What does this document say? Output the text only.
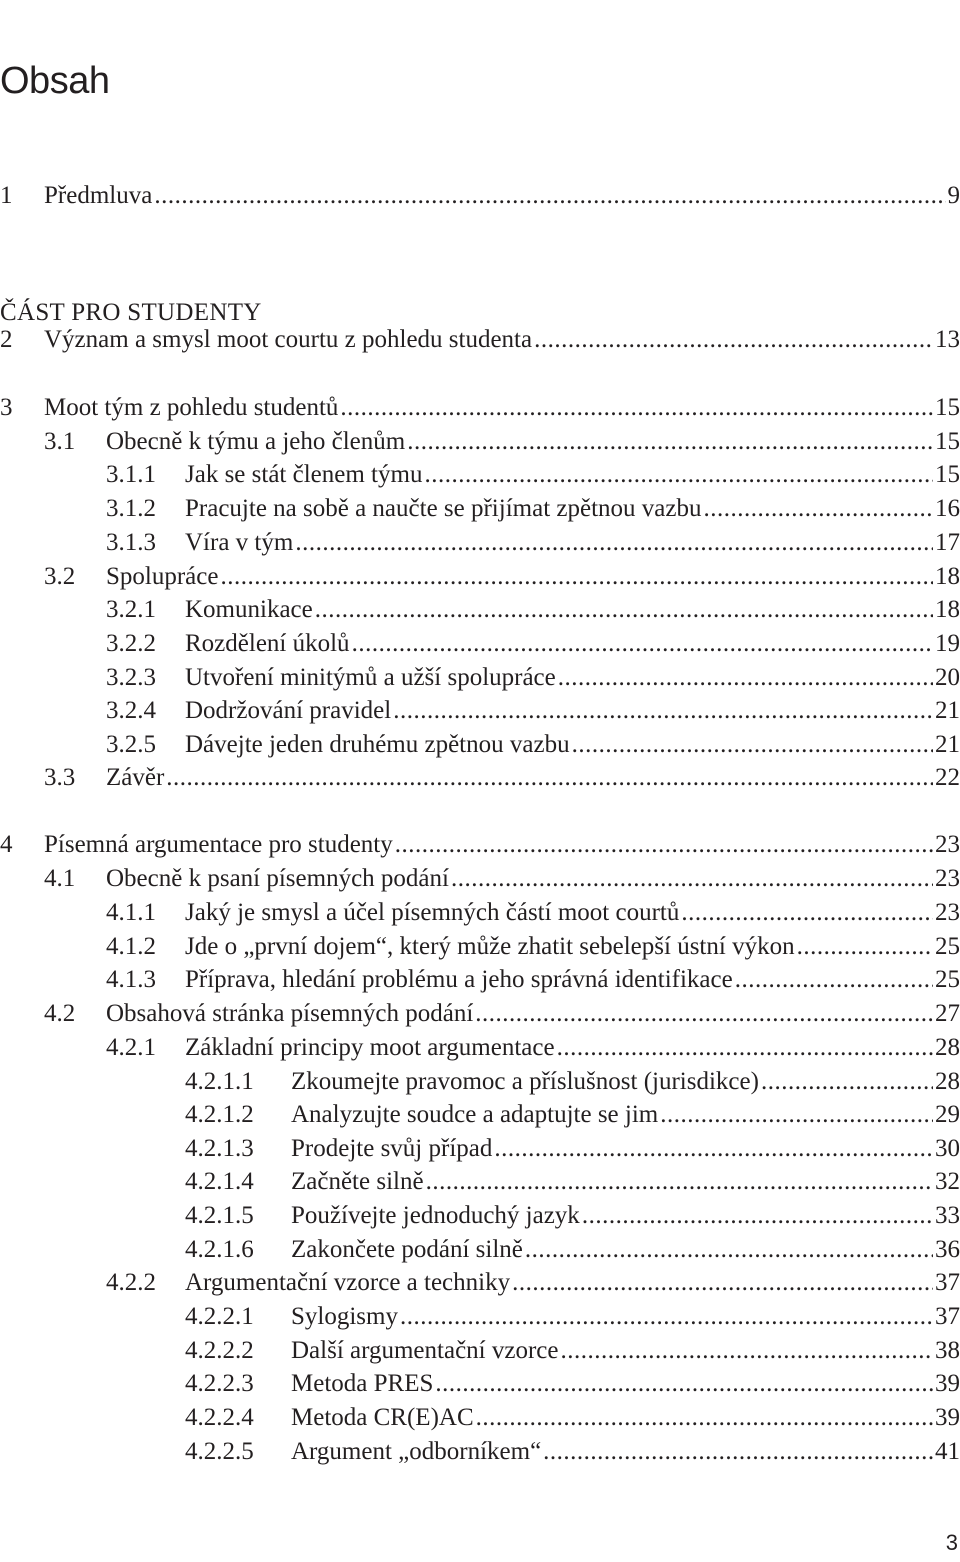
Obsah
ČÁST PRO STUDENTY
1 Předmluva .....	9
2 Význam a smysl moot courtu z pohledu studenta .....	13
3 Moot tým z pohledu studentů .....	15
3.1 Obecně k týmu a jeho členům .....	15
3.1.1 Jak se stát členem týmu .....	15
3.1.2 Pracujte na sobě a naučte se přijímat zpětnou vazbu .....	16
3.1.3 Víra v tým .....	17
3.2 Spolupráce .....	18
3.2.1 Komunikace .....	18
3.2.2 Rozdělení úkolů .....	19
3.2.3 Utvoření minitýmů a užší spolupráce .....	20
3.2.4 Dodržování pravidel .....	21
3.2.5 Dávejte jeden druhému zpětnou vazbu .....	21
3.3 Závěr .....	22
4 Písemná argumentace pro studenty .....	23
4.1 Obecně k psaní písemných podání .....	23
4.1.1 Jaký je smysl a účel písemných částí moot courtů .....	23
4.1.2 Jde o „první dojem“, který může zhatit sebelepší ústní výkon .....	25
4.1.3 Příprava, hledání problému a jeho správná identifikace .....	25
4.2 Obsahová stránka písemných podání .....	27
4.2.1 Základní principy moot argumentace .....	28
4.2.1.1 Zkoumejte pravomoc a příslušnost (jurisdikce) .....	28
4.2.1.2 Analyzujte soudce a adaptujte se jim .....	29
4.2.1.3 Prodejte svůj případ .....	30
4.2.1.4 Začněte silně .....	32
4.2.1.5 Používejte jednoduchý jazyk .....	33
4.2.1.6 Zakončete podání silně .....	36
4.2.2 Argumentační vzorce a techniky .....	37
4.2.2.1 Sylogismy .....	37
4.2.2.2 Další argumentační vzorce .....	38
4.2.2.3 Metoda PRES .....	39
4.2.2.4 Metoda CR(E)AC .....	39
4.2.2.5 Argument „odborníkem“ .....	41
3
